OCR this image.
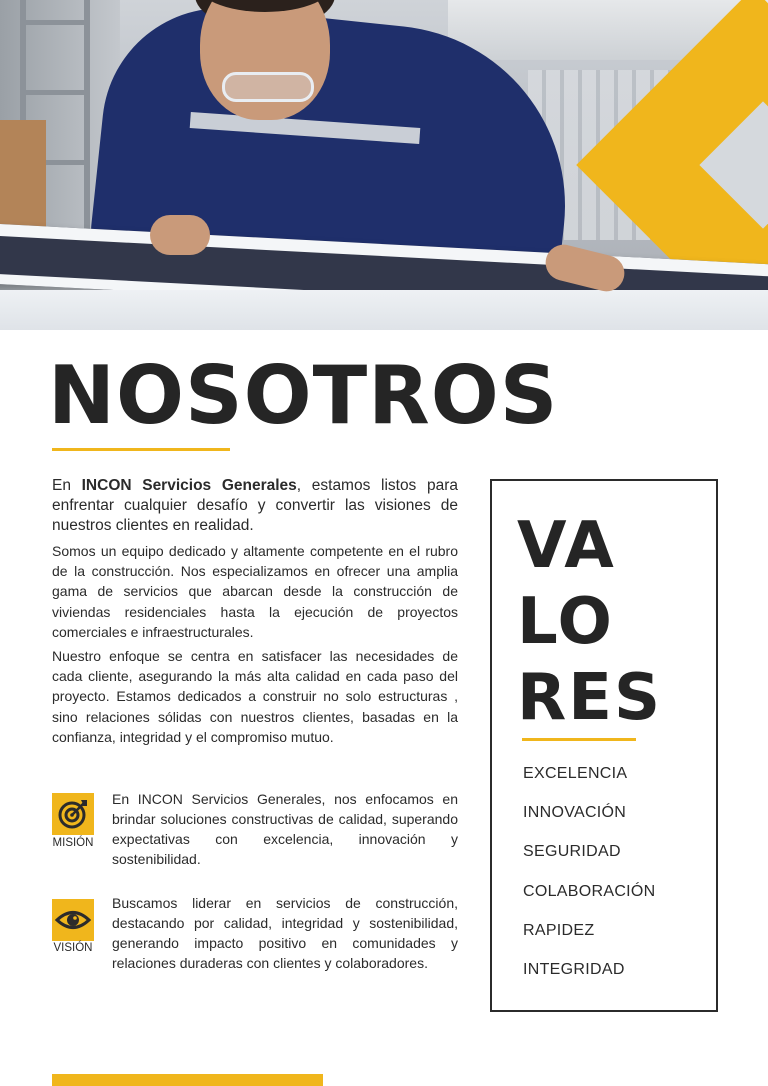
NOSOTROS

En INCON Servicios Generales, estamos listos para enfrentar cualquier desafío y convertir las visiones de nuestros clientes en realidad.

Somos un equipo dedicado y altamente competente en el rubro de la construcción. Nos especializamos en ofrecer una amplia gama de servicios que abarcan desde la construcción de viviendas residenciales hasta la ejecución de proyectos comerciales e infraestructurales.

Nuestro enfoque se centra en satisfacer las necesidades de cada cliente, asegurando la más alta calidad en cada paso del proyecto. Estamos dedicados a construir no solo estructuras , sino relaciones sólidas con nuestros clientes, basadas en la confianza, integridad y el compromiso mutuo.

MISIÓN

En INCON Servicios Generales, nos enfocamos en brindar soluciones constructivas de calidad, superando expectativas con excelencia, innovación y sostenibilidad.

VISIÓN

Buscamos liderar en servicios de construcción, destacando por calidad, integridad y sostenibilidad, generando impacto positivo en comunidades y relaciones duraderas con clientes y colaboradores.

VA
LO
RES
EXCELENCIA
INNOVACIÓN
SEGURIDAD
COLABORACIÓN
RAPIDEZ
INTEGRIDAD
